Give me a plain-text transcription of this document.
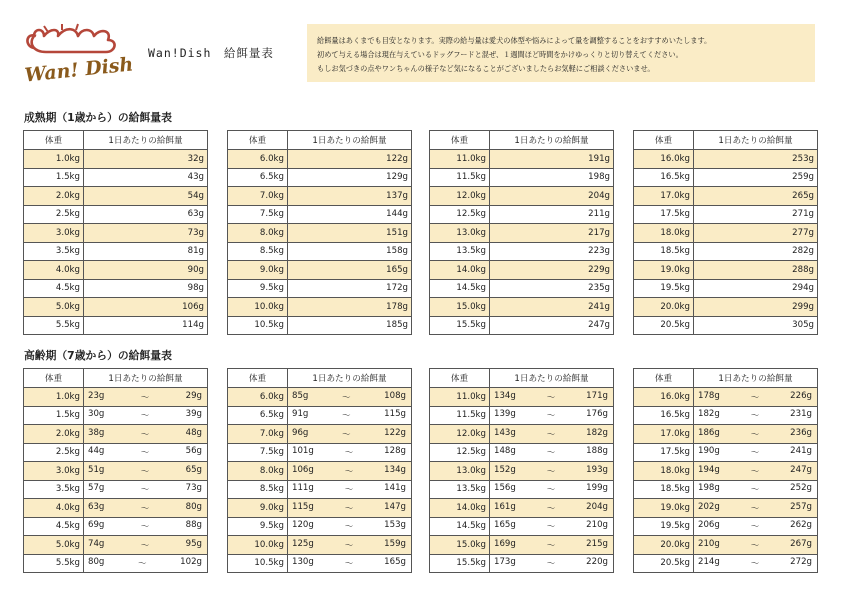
Wan! Dish
Wan!Dish　給餌量表
給餌量はあくまでも目安となります。実際の給与量は愛犬の体型や悩みによって量を調整することをおすすめいたします。
初めて与える場合は現在与えているドッグフードと混ぜ、１週間ほど時間をかけゆっくりと切り替えてください。
もしお気づきの点やワンちゃんの様子など気になることがございましたらお気軽にご相談くださいませ。
成熟期（1歳から）の給餌量表
体重	1日あたりの給餌量
1.0kg	32g
1.5kg	43g
2.0kg	54g
2.5kg	63g
3.0kg	73g
3.5kg	81g
4.0kg	90g
4.5kg	98g
5.0kg	106g
5.5kg	114g
体重	1日あたりの給餌量
6.0kg	122g
6.5kg	129g
7.0kg	137g
7.5kg	144g
8.0kg	151g
8.5kg	158g
9.0kg	165g
9.5kg	172g
10.0kg	178g
10.5kg	185g
体重	1日あたりの給餌量
11.0kg	191g
11.5kg	198g
12.0kg	204g
12.5kg	211g
13.0kg	217g
13.5kg	223g
14.0kg	229g
14.5kg	235g
15.0kg	241g
15.5kg	247g
体重	1日あたりの給餌量
16.0kg	253g
16.5kg	259g
17.0kg	265g
17.5kg	271g
18.0kg	277g
18.5kg	282g
19.0kg	288g
19.5kg	294g
20.0kg	299g
20.5kg	305g
高齢期（7歳から）の給餌量表
体重	1日あたりの給餌量
1.0kg	23g 〜 29g

1.5kg	30g 〜 39g

2.0kg	38g 〜 48g

2.5kg	44g 〜 56g

3.0kg	51g 〜 65g

3.5kg	57g 〜 73g

4.0kg	63g 〜 80g

4.5kg	69g 〜 88g

5.0kg	74g 〜 95g

5.5kg	80g 〜 102g
体重	1日あたりの給餌量
6.0kg	85g 〜 108g

6.5kg	91g 〜 115g

7.0kg	96g 〜 122g

7.5kg	101g 〜 128g

8.0kg	106g 〜 134g

8.5kg	111g 〜 141g

9.0kg	115g 〜 147g

9.5kg	120g 〜 153g

10.0kg	125g 〜 159g

10.5kg	130g 〜 165g
体重	1日あたりの給餌量
11.0kg	134g 〜 171g

11.5kg	139g 〜 176g

12.0kg	143g 〜 182g

12.5kg	148g 〜 188g

13.0kg	152g 〜 193g

13.5kg	156g 〜 199g

14.0kg	161g 〜 204g

14.5kg	165g 〜 210g

15.0kg	169g 〜 215g

15.5kg	173g 〜 220g
体重	1日あたりの給餌量
16.0kg	178g 〜 226g

16.5kg	182g 〜 231g

17.0kg	186g 〜 236g

17.5kg	190g 〜 241g

18.0kg	194g 〜 247g

18.5kg	198g 〜 252g

19.0kg	202g 〜 257g

19.5kg	206g 〜 262g

20.0kg	210g 〜 267g

20.5kg	214g 〜 272g
